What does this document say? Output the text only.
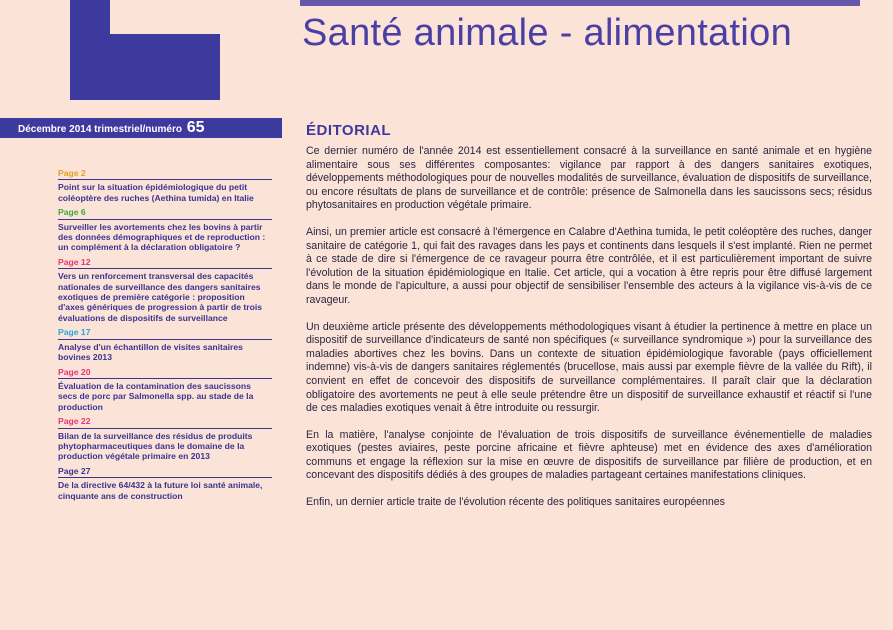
Santé animale - alimentation
Décembre 2014 trimestriel/numéro 65
Page 2
Point sur la situation épidémiologique du petit coléoptère des ruches (Aethina tumida) en Italie
Page 6
Surveiller les avortements chez les bovins à partir des données démographiques et de reproduction : un complément à la déclaration obligatoire ?
Page 12
Vers un renforcement transversal des capacités nationales de surveillance des dangers sanitaires exotiques de première catégorie : proposition d'axes génériques de progression à partir de trois évaluations de dispositifs de surveillance
Page 17
Analyse d'un échantillon de visites sanitaires bovines 2013
Page 20
Évaluation de la contamination des saucissons secs de porc par Salmonella spp. au stade de la production
Page 22
Bilan de la surveillance des résidus de produits phytopharmaceutiques dans le domaine de la production végétale primaire en 2013
Page 27
De la directive 64/432 à la future loi santé animale, cinquante ans de construction
ÉDITORIAL

Ce dernier numéro de l'année 2014 est essentiellement consacré à la surveillance en santé animale et en hygiène alimentaire sous ses différentes composantes: vigilance par rapport à des dangers sanitaires exotiques, développements méthodologiques pour de nouvelles modalités de surveillance, évaluation de dispositifs de surveillance, ou encore résultats de plans de surveillance et de contrôle: présence de Salmonella dans les saucissons secs; résidus phytosanitaires en production végétale primaire.

Ainsi, un premier article est consacré à l'émergence en Calabre d'Aethina tumida, le petit coléoptère des ruches, danger sanitaire de catégorie 1, qui fait des ravages dans les pays et continents dans lesquels il s'est implanté. Rien ne permet à ce stade de dire si l'émergence de ce ravageur pourra être contrôlée, et il est particulièrement important de suivre l'évolution de la situation épidémiologique en Italie. Cet article, qui a vocation à être repris pour être diffusé largement dans le monde de l'apiculture, a aussi pour objectif de sensibiliser l'ensemble des acteurs à la vigilance vis-à-vis de ce ravageur.

Un deuxième article présente des développements méthodologiques visant à étudier la pertinence à mettre en place un dispositif de surveillance d'indicateurs de santé non spécifiques (« surveillance syndromique ») pour la surveillance des maladies abortives chez les bovins. Dans un contexte de situation épidémiologique favorable (pays officiellement indemne) vis-à-vis de dangers sanitaires réglementés (brucellose, mais aussi par exemple fièvre de la vallée du Rift), il convient en effet de concevoir des dispositifs de surveillance complémentaires. Il paraît clair que la déclaration obligatoire des avortements ne peut à elle seule prétendre être un dispositif de surveillance exhaustif et réactif si l'une de ces maladies exotiques venait à être introduite ou ressurgir.

En la matière, l'analyse conjointe de l'évaluation de trois dispositifs de surveillance événementielle de maladies exotiques (pestes aviaires, peste porcine africaine et fièvre aphteuse) met en évidence des axes d'amélioration communs et engage la réflexion sur la mise en œuvre de dispositifs de surveillance par filière de production, et en concevant des dispositifs dédiés à des groupes de maladies partageant certaines manifestations cliniques.

Enfin, un dernier article traite de l'évolution récente des politiques sanitaires européennes
